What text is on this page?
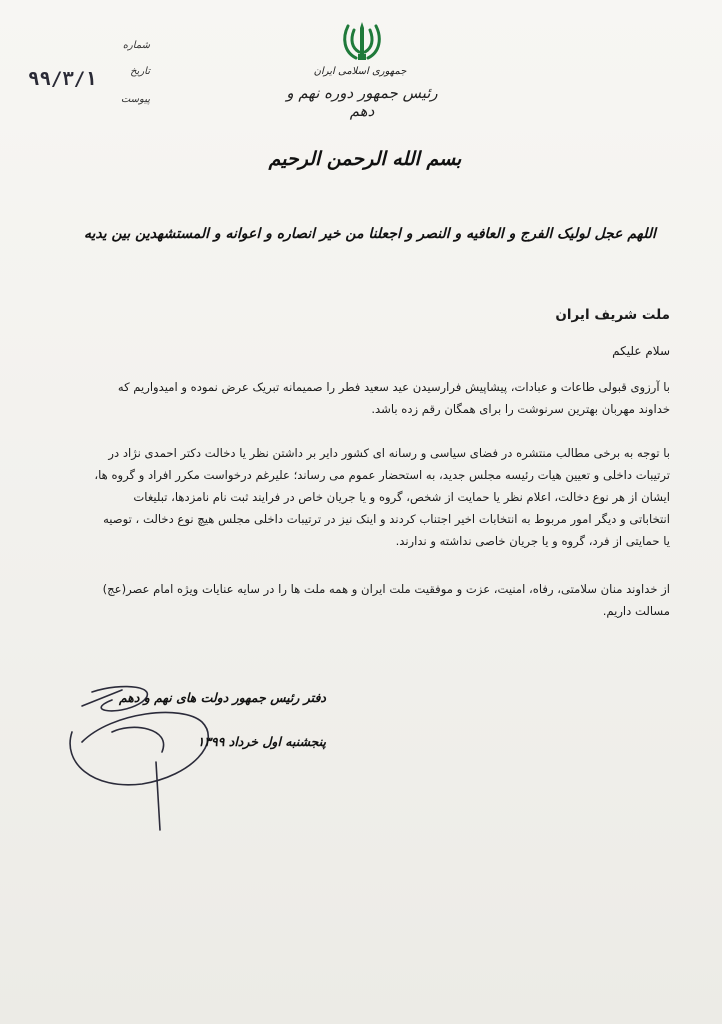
جمهوری اسلامی ایران
رئیس جمهور دوره نهم و دهم
شماره
تاریخ
پیوست
۹۹/۳/۱
بسم الله الرحمن الرحیم
اللهم عجل لولیک الفرج و العافیه و النصر و اجعلنا من خیر انصاره و اعوانه و المستشهدین بین یدیه
ملت شریف ایران
سلام علیکم

با آرزوی قبولی طاعات و عبادات، پیشاپیش فرارسیدن عید سعید فطر را صمیمانه تبریک عرض نموده و امیدواریم که

خداوند مهربان بهترین سرنوشت را برای همگان رقم زده باشد.

با توجه به برخی مطالب منتشره در فضای سیاسی و رسانه ای کشور دایر بر داشتن نظر یا دخالت دکتر احمدی نژاد در

ترتیبات داخلی و تعیین هیات رئیسه مجلس جدید، به استحضار عموم می رساند؛ علیرغم درخواست مکرر افراد و گروه ها،

ایشان از هر نوع دخالت، اعلام نظر یا حمایت از شخص، گروه و یا جریان خاص در فرایند ثبت نام نامزدها، تبلیغات

انتخاباتی و دیگر امور مربوط به انتخابات اخیر اجتناب کردند و اینک نیز در ترتیبات داخلی مجلس هیچ نوع دخالت ، توصیه

یا حمایتی از فرد، گروه و یا جریان خاصی نداشته و ندارند.

از خداوند منان سلامتی، رفاه، امنیت، عزت و موفقیت ملت ایران و همه ملت ها را در سایه عنایات ویژه امام عصر(عج)

مسالت داریم.

دفتر رئیس جمهور دولت های نهم و دهم
پنجشنبه اول خرداد ۱۳۹۹
